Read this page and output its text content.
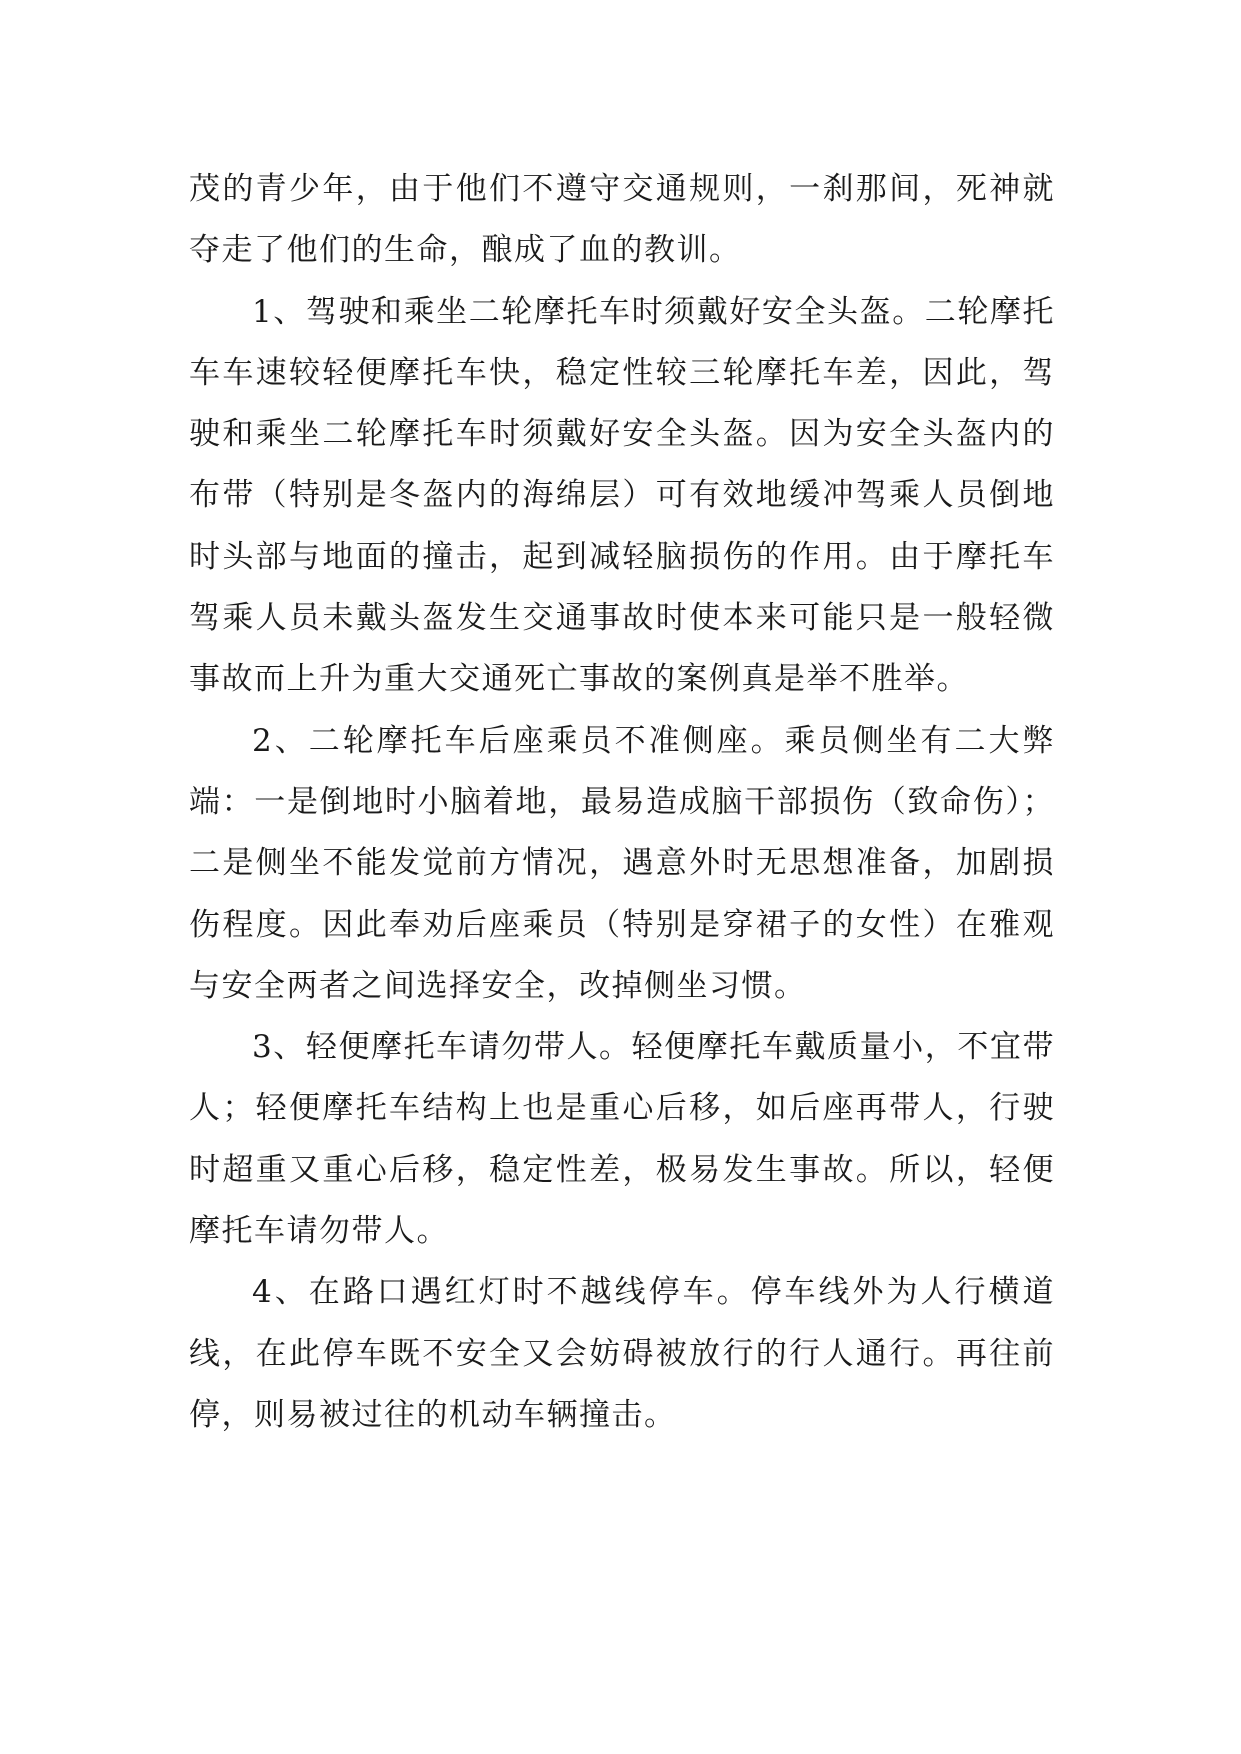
茂的青少年，由于他们不遵守交通规则，一刹那间，死神就夺走了他们的生命，酿成了血的教训。

1、驾驶和乘坐二轮摩托车时须戴好安全头盔。二轮摩托车车速较轻便摩托车快，稳定性较三轮摩托车差，因此，驾驶和乘坐二轮摩托车时须戴好安全头盔。因为安全头盔内的布带（特别是冬盔内的海绵层）可有效地缓冲驾乘人员倒地时头部与地面的撞击，起到减轻脑损伤的作用。由于摩托车驾乘人员未戴头盔发生交通事故时使本来可能只是一般轻微事故而上升为重大交通死亡事故的案例真是举不胜举。

2、二轮摩托车后座乘员不准侧座。乘员侧坐有二大弊端：一是倒地时小脑着地，最易造成脑干部损伤（致命伤）；二是侧坐不能发觉前方情况，遇意外时无思想准备，加剧损伤程度。因此奉劝后座乘员（特别是穿裙子的女性）在雅观与安全两者之间选择安全，改掉侧坐习惯。

3、轻便摩托车请勿带人。轻便摩托车戴质量小，不宜带人；轻便摩托车结构上也是重心后移，如后座再带人，行驶时超重又重心后移，稳定性差，极易发生事故。所以，轻便摩托车请勿带人。

4、在路口遇红灯时不越线停车。停车线外为人行横道线，在此停车既不安全又会妨碍被放行的行人通行。再往前停，则易被过往的机动车辆撞击。
